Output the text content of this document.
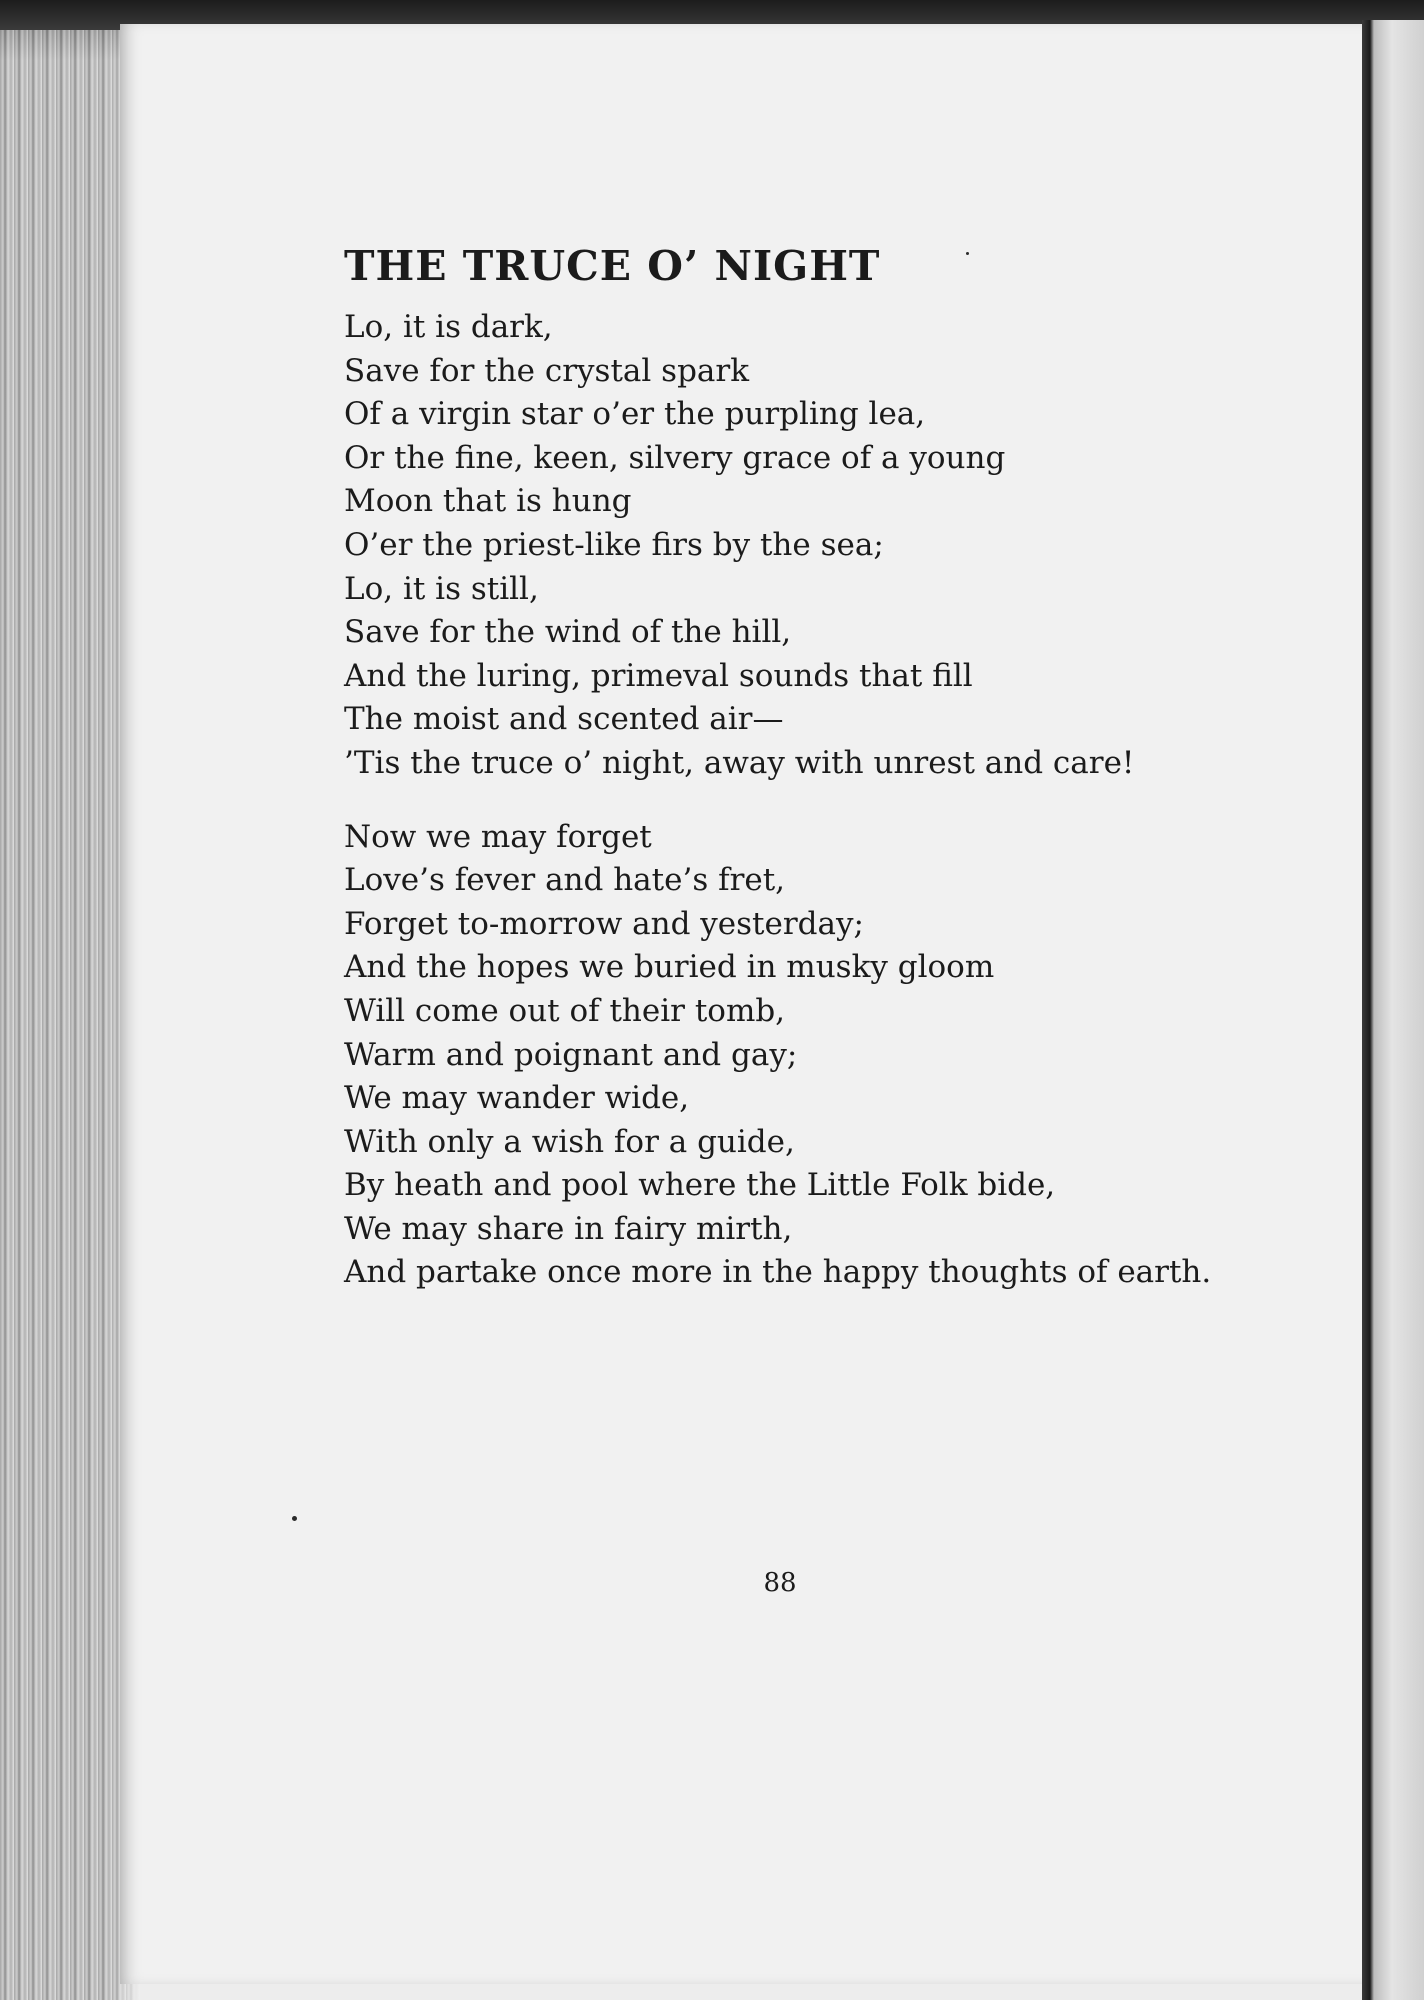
THE TRUCE O’ NIGHT
Lo, it is dark,
Save for the crystal spark
Of a virgin star o’er the purpling lea,
Or the fine, keen, silvery grace of a young
Moon that is hung
O’er the priest-like firs by the sea;
Lo, it is still,
Save for the wind of the hill,
And the luring, primeval sounds that fill
The moist and scented air—
’Tis the truce o’ night, away with unrest and care!
Now we may forget
Love’s fever and hate’s fret,
Forget to-morrow and yesterday;
And the hopes we buried in musky gloom
Will come out of their tomb,
Warm and poignant and gay;
We may wander wide,
With only a wish for a guide,
By heath and pool where the Little Folk bide,
We may share in fairy mirth,
And partake once more in the happy thoughts of earth.
88
